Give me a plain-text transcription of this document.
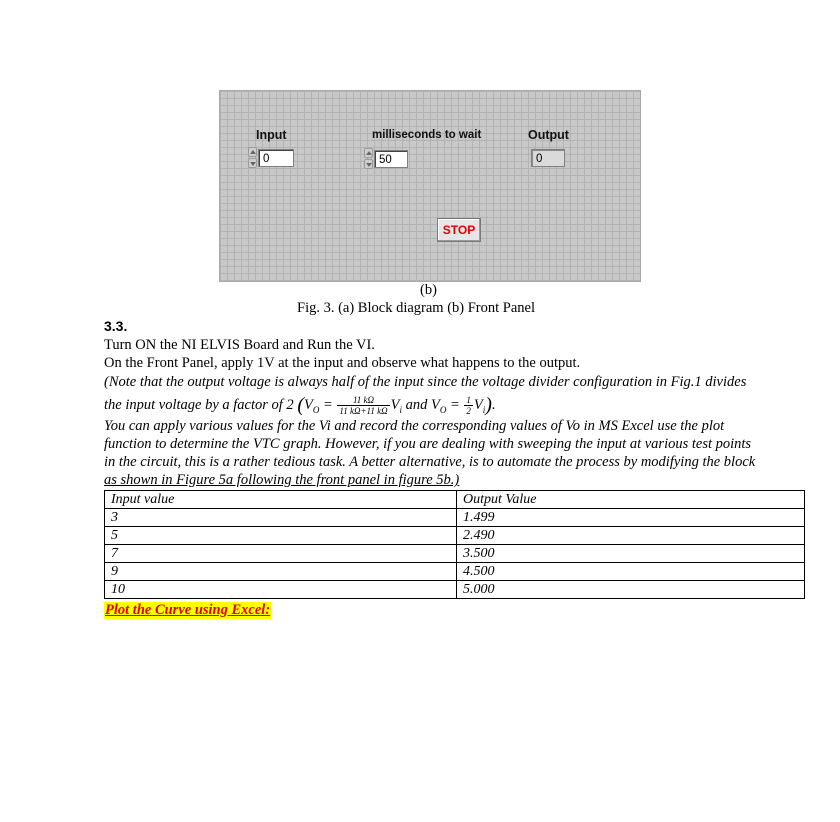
Input
0
milliseconds to wait
50
Output
0
STOP
(b)
Fig. 3. (a) Block diagram (b) Front Panel
3.3.
Turn ON the NI ELVIS Board and Run the VI.
On the Front Panel, apply 1V at the input and observe what happens to the output.
(Note that the output voltage is always half of the input since the voltage divider configuration in Fig.1 divides
the input voltage by a factor of 2 ($V_O = \frac{11 k\Omega}{11 k\Omega+11 k\Omega} V_i$ and $V_O = \frac{1}{2} V_i$).
You can apply various values for the Vi and record the corresponding values of Vo in MS Excel use the plot
function to determine the VTC graph. However, if you are dealing with sweeping the input at various test points
in the circuit, this is a rather tedious task. A better alternative, is to automate the process by modifying the block
as shown in Figure 5a following the front panel in figure 5b.)
Input value	Output Value
3	1.499
5	2.490
7	3.500
9	4.500
10	5.000
Plot the Curve using Excel:
